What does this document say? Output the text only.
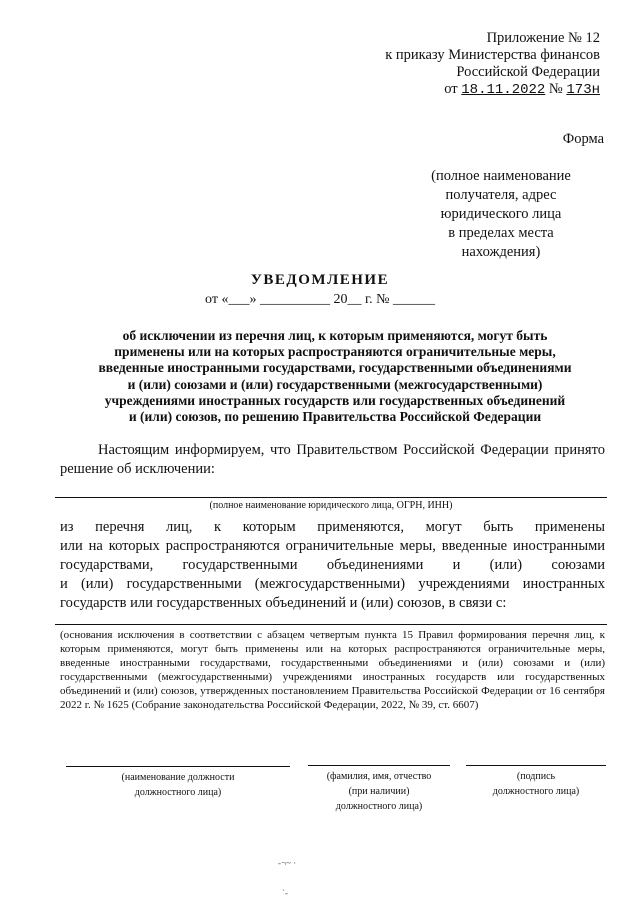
Приложение № 12
к приказу Министерства финансов
Российской Федерации
от 18.11.2022 № 173н
Форма
(полное наименование
получателя, адрес
юридического лица
в пределах места
нахождения)
УВЕДОМЛЕНИЕ
от «___» __________ 20__ г. № ______
об исключении из перечня лиц, к которым применяются, могут быть
применены или на которых распространяются ограничительные меры,
введенные иностранными государствами, государственными объединениями
и (или) союзами и (или) государственными (межгосударственными)
учреждениями иностранных государств или государственных объединений
и (или) союзов, по решению Правительства Российской Федерации
Настоящим информируем, что Правительством Российской Федерации принято решение об исключении:
(полное наименование юридического лица, ОГРН, ИНН)
из перечня лиц, к которым применяются, могут быть применены
или на которых распространяются ограничительные меры, введенные иностранными
государствами, государственными объединениями и (или) союзами
и (или) государственными (межгосударственными) учреждениями иностранных
государств или государственных объединений и (или) союзов, в связи с:
(основания исключения в соответствии с абзацем четвертым пункта 15 Правил формирования перечня лиц, к которым применяются, могут быть применены или на которых распространяются ограничительные меры, введенные иностранными государствами, государственными объединениями и (или) союзами и (или) государственными (межгосударственными) учреждениями иностранных государств или государственных объединений и (или) союзов, утвержденных постановлением Правительства Российской Федерации от 16 сентября 2022 г. № 1625 (Собрание законодательства Российской Федерации, 2022, № 39, ст. 6607)
(наименование должности
должностного лица)
(фамилия, имя, отчество
(при наличии)
должностного лица)
(подпись
должностного лица)
-¬~ ·
`-
